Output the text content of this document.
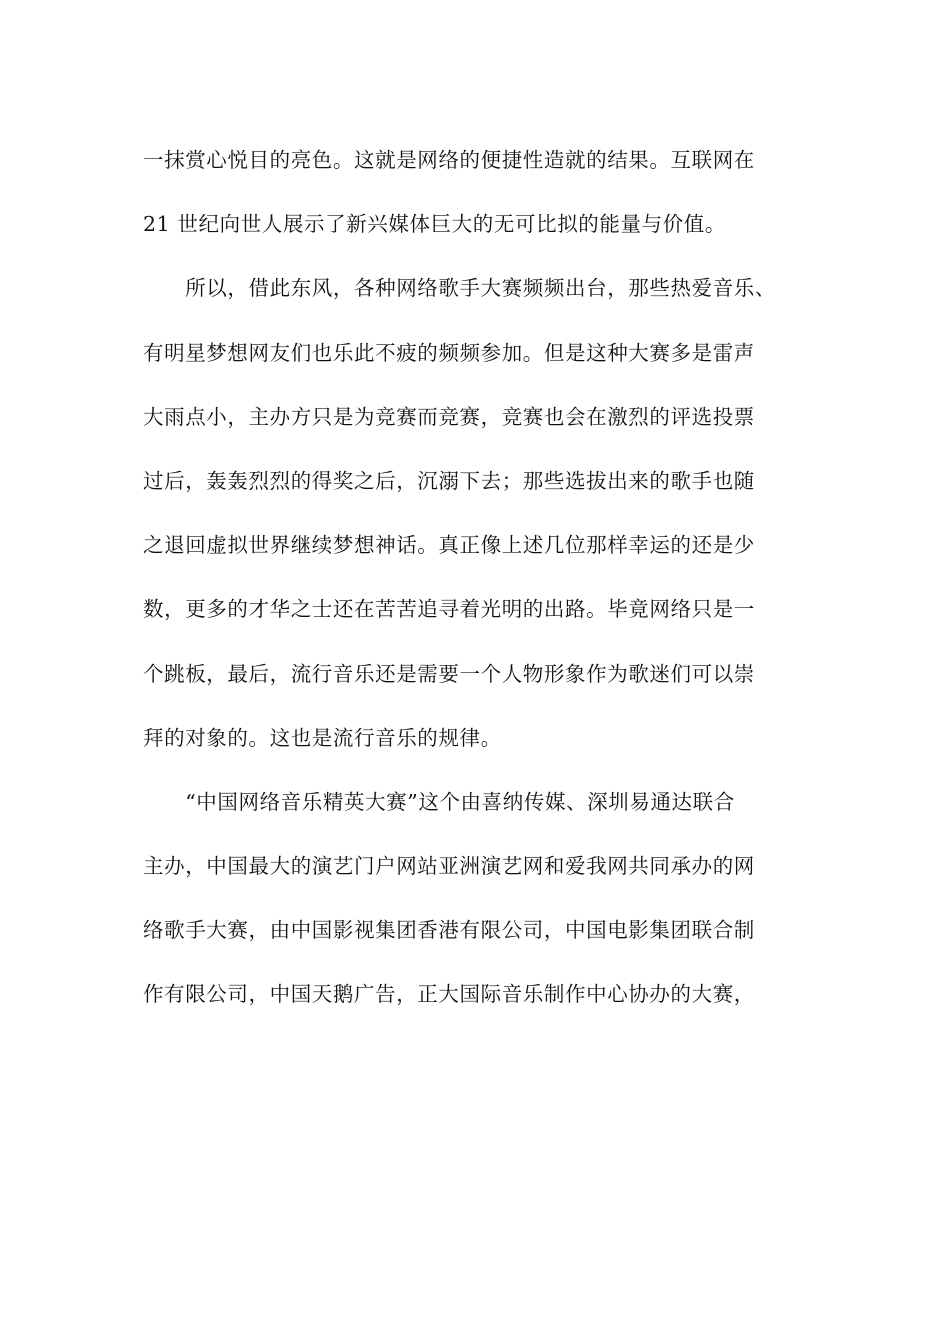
一抹赏心悦目的亮色。这就是网络的便捷性造就的结果。互联网在
21 世纪向世人展示了新兴媒体巨大的无可比拟的能量与价值。
　　所以，借此东风，各种网络歌手大赛频频出台，那些热爱音乐、
有明星梦想网友们也乐此不疲的频频参加。但是这种大赛多是雷声
大雨点小，主办方只是为竞赛而竞赛，竞赛也会在激烈的评选投票
过后，轰轰烈烈的得奖之后，沉溺下去；那些选拔出来的歌手也随
之退回虚拟世界继续梦想神话。真正像上述几位那样幸运的还是少
数，更多的才华之士还在苦苦追寻着光明的出路。毕竟网络只是一
个跳板，最后，流行音乐还是需要一个人物形象作为歌迷们可以崇
拜的对象的。这也是流行音乐的规律。
　　“中国网络音乐精英大赛”这个由喜纳传媒、深圳易通达联合
主办，中国最大的演艺门户网站亚洲演艺网和爱我网共同承办的网
络歌手大赛，由中国影视集团香港有限公司，中国电影集团联合制
作有限公司，中国天鹅广告，正大国际音乐制作中心协办的大赛，
